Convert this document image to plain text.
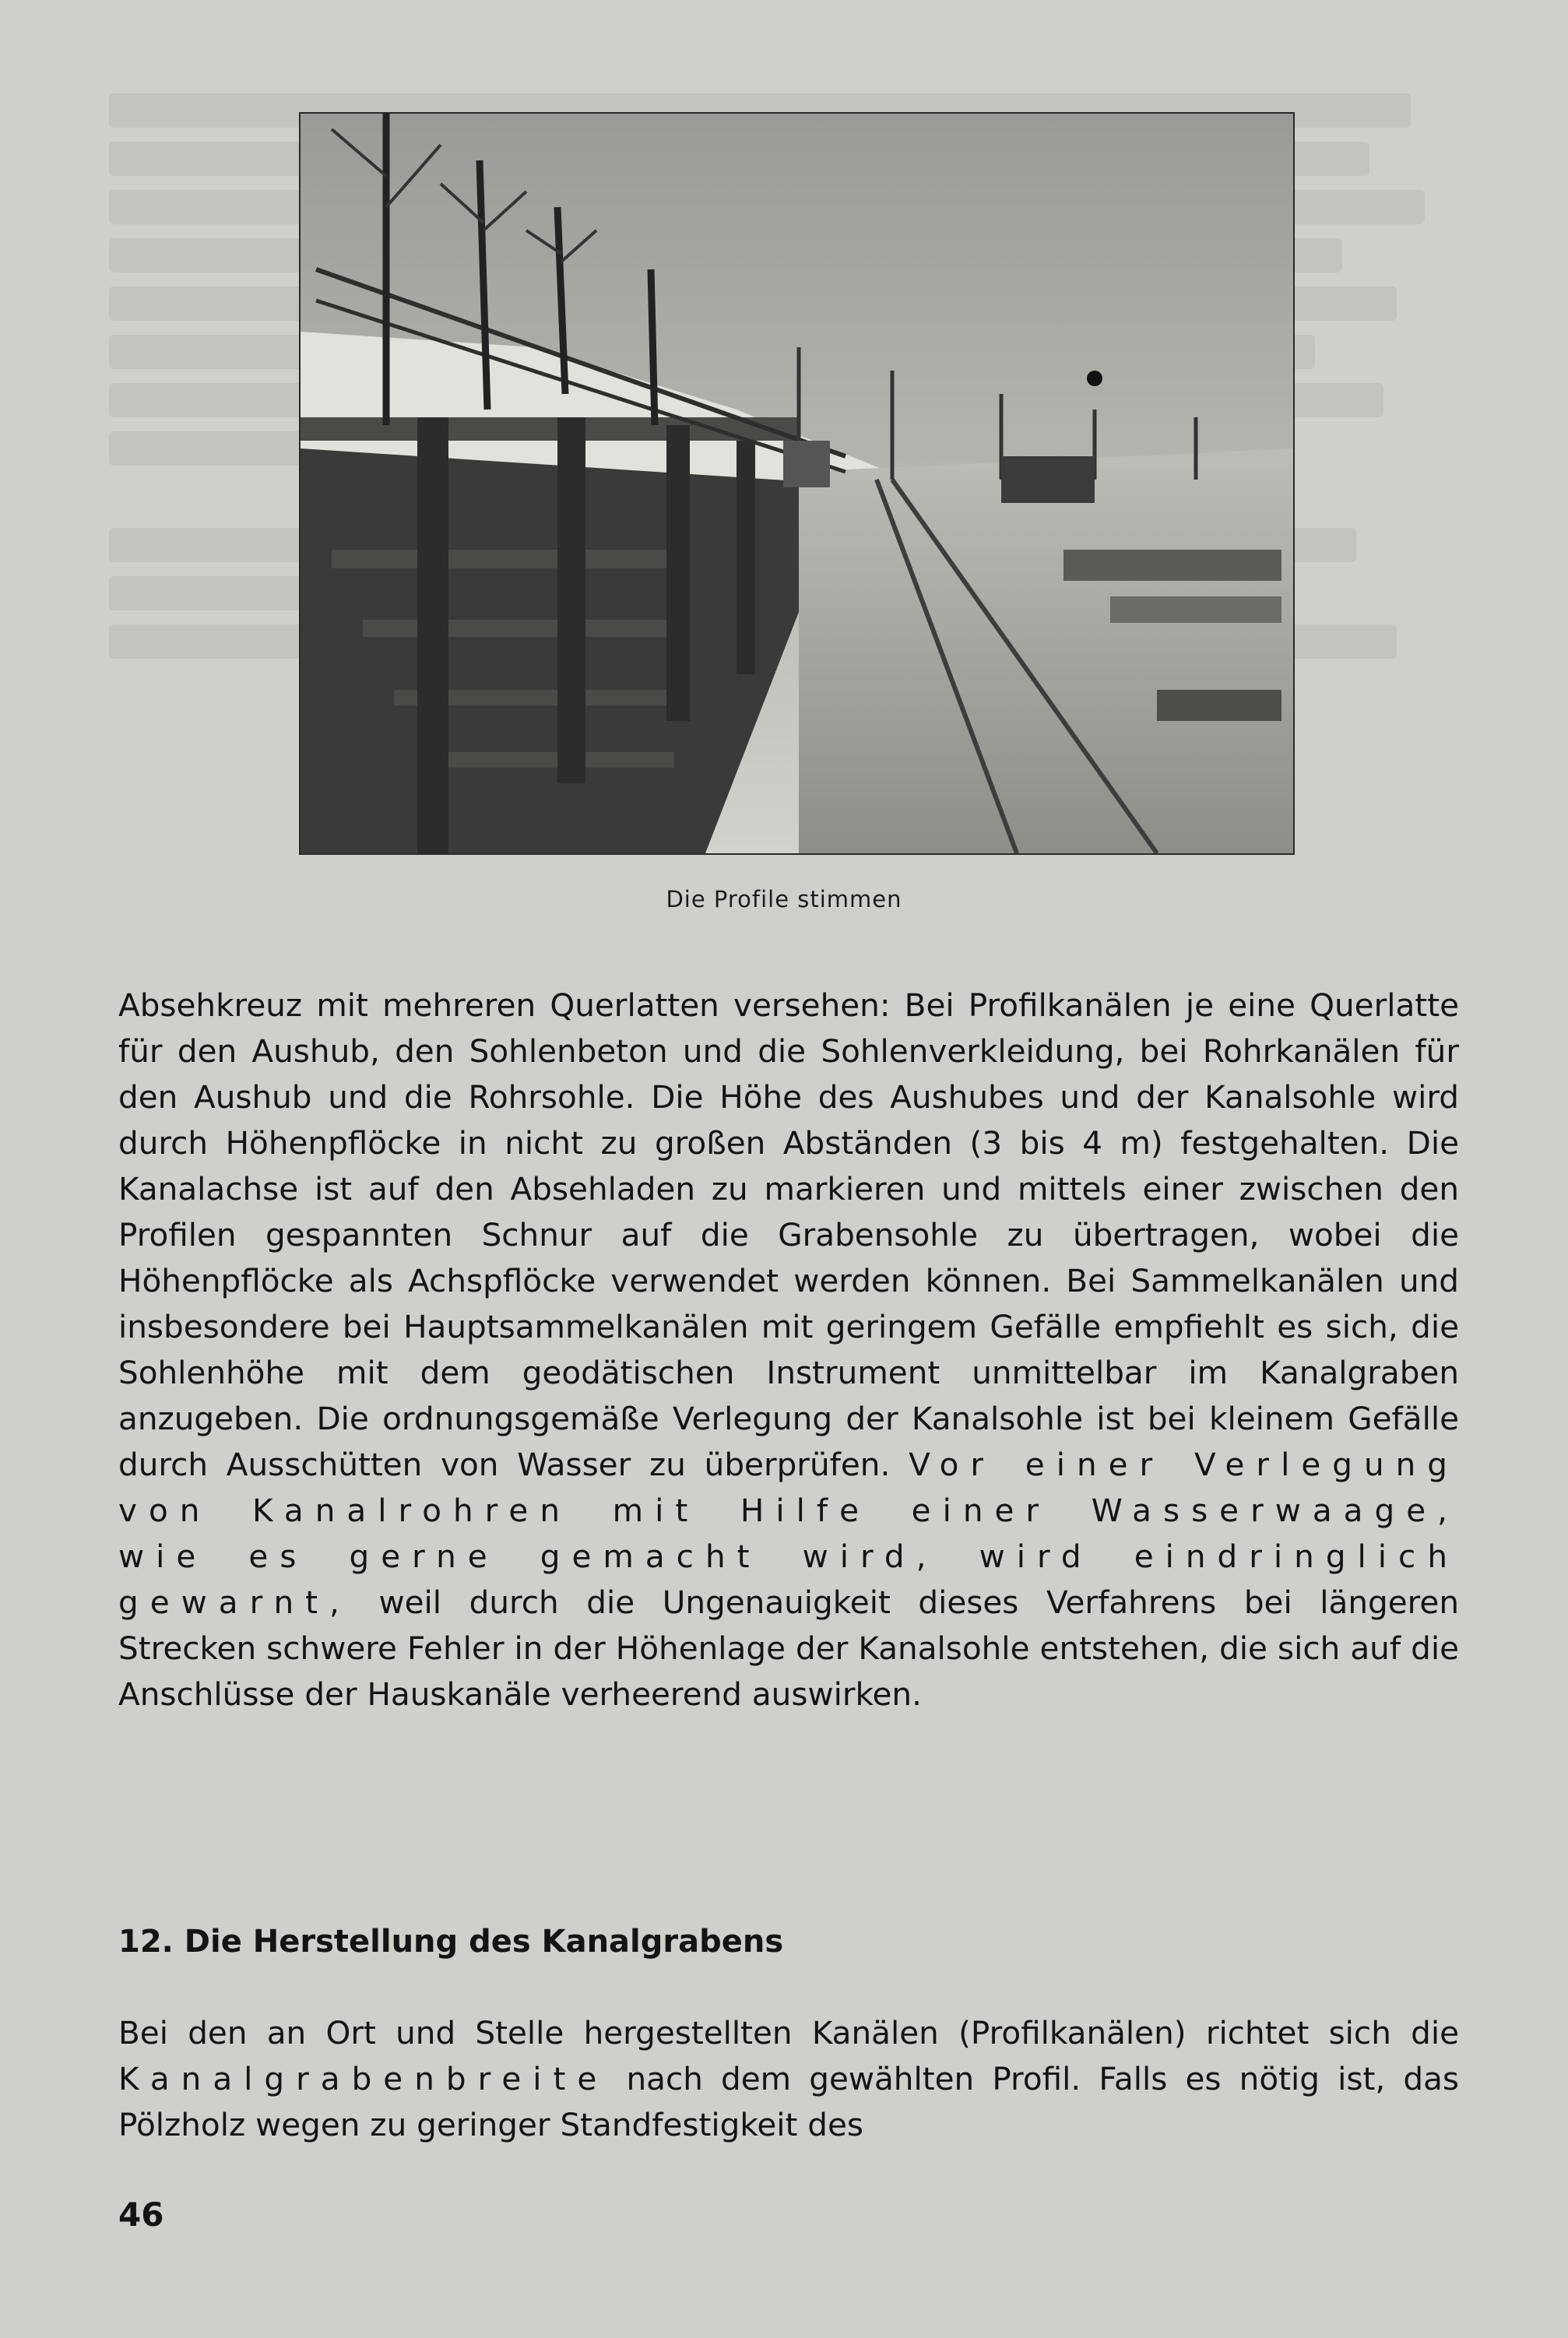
Die Profile stimmen
Absehkreuz mit mehreren Querlatten versehen: Bei Profilkanälen je eine Querlatte für den Aushub, den Sohlenbeton und die Sohlenverkleidung, bei Rohrkanälen für den Aushub und die Rohrsohle. Die Höhe des Aushubes und der Kanalsohle wird durch Höhenpflöcke in nicht zu großen Abständen (3 bis 4 m) festgehalten. Die Kanalachse ist auf den Absehladen zu markieren und mittels einer zwischen den Profilen gespannten Schnur auf die Grabensohle zu übertragen, wobei die Höhenpflöcke als Achspflöcke verwendet werden können. Bei Sammelkanälen und insbesondere bei Hauptsammelkanälen mit geringem Gefälle empfiehlt es sich, die Sohlenhöhe mit dem geodätischen Instrument unmittelbar im Kanalgraben anzugeben. Die ordnungsgemäße Verlegung der Kanalsohle ist bei kleinem Gefälle durch Ausschütten von Wasser zu überprüfen. Vor einer Verlegung von Kanalrohren mit Hilfe einer Wasserwaage, wie es gerne gemacht wird, wird eindringlich gewarnt, weil durch die Ungenauigkeit dieses Verfahrens bei längeren Strecken schwere Fehler in der Höhenlage der Kanalsohle entstehen, die sich auf die Anschlüsse der Hauskanäle verheerend auswirken.
12. Die Herstellung des Kanalgrabens
Bei den an Ort und Stelle hergestellten Kanälen (Profilkanälen) richtet sich die Kanalgrabenbreite nach dem gewählten Profil. Falls es nötig ist, das Pölzholz wegen zu geringer Standfestigkeit des
46
